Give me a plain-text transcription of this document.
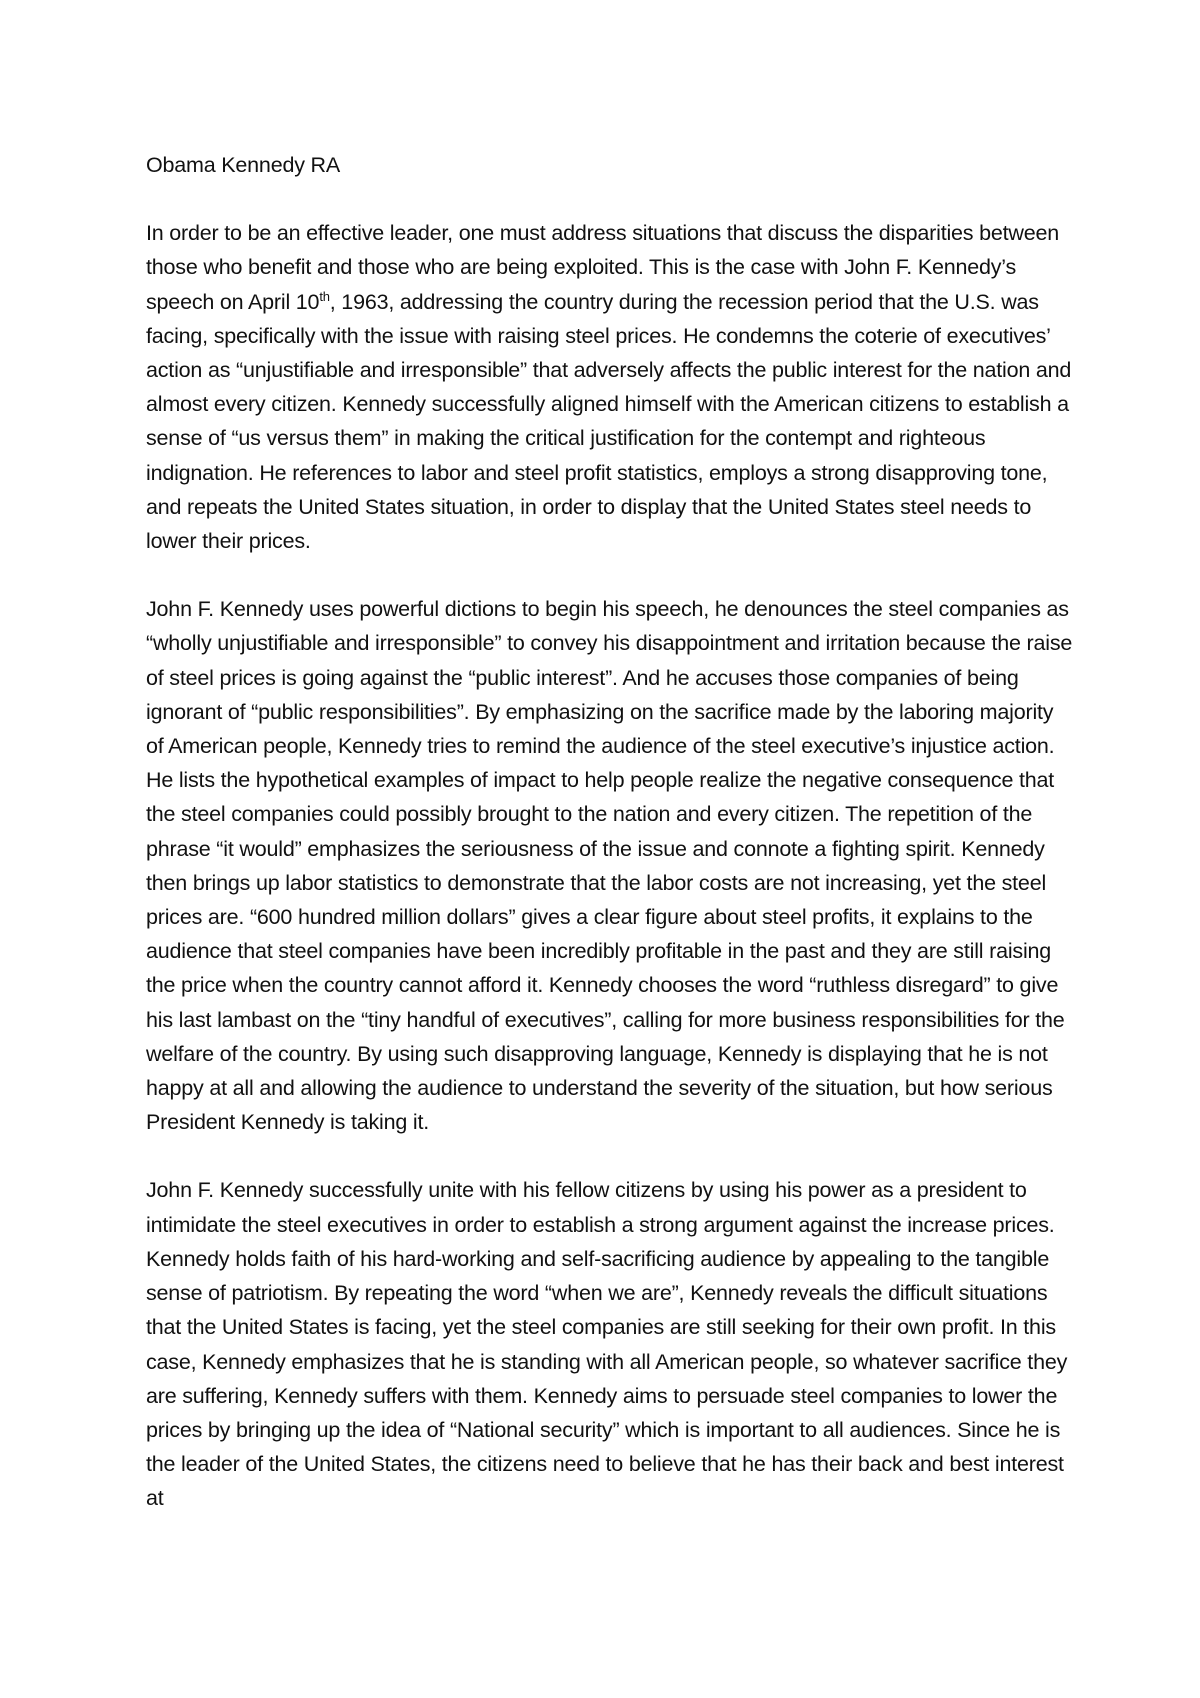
Obama Kennedy RA

In order to be an effective leader, one must address situations that discuss the disparities between those who benefit and those who are being exploited. This is the case with John F. Kennedy’s speech on April 10th, 1963, addressing the country during the recession period that the U.S. was facing, specifically with the issue with raising steel prices. He condemns the coterie of executives’ action as “unjustifiable and irresponsible” that adversely affects the public interest for the nation and almost every citizen. Kennedy successfully aligned himself with the American citizens to establish a sense of “us versus them” in making the critical justification for the contempt and righteous indignation. He references to labor and steel profit statistics, employs a strong disapproving tone, and repeats the United States situation, in order to display that the United States steel needs to lower their prices.

John F. Kennedy uses powerful dictions to begin his speech, he denounces the steel companies as “wholly unjustifiable and irresponsible” to convey his disappointment and irritation because the raise of steel prices is going against the “public interest”. And he accuses those companies of being ignorant of “public responsibilities”. By emphasizing on the sacrifice made by the laboring majority of American people, Kennedy tries to remind the audience of the steel executive’s injustice action. He lists the hypothetical examples of impact to help people realize the negative consequence that the steel companies could possibly brought to the nation and every citizen. The repetition of the phrase “it would” emphasizes the seriousness of the issue and connote a fighting spirit. Kennedy then brings up labor statistics to demonstrate that the labor costs are not increasing, yet the steel prices are. “600 hundred million dollars” gives a clear figure about steel profits, it explains to the audience that steel companies have been incredibly profitable in the past and they are still raising the price when the country cannot afford it. Kennedy chooses the word “ruthless disregard” to give his last lambast on the “tiny handful of executives”, calling for more business responsibilities for the welfare of the country. By using such disapproving language, Kennedy is displaying that he is not happy at all and allowing the audience to understand the severity of the situation, but how serious President Kennedy is taking it.

John F. Kennedy successfully unite with his fellow citizens by using his power as a president to intimidate the steel executives in order to establish a strong argument against the increase prices. Kennedy holds faith of his hard-working and self-sacrificing audience by appealing to the tangible sense of patriotism. By repeating the word “when we are”, Kennedy reveals the difficult situations that the United States is facing, yet the steel companies are still seeking for their own profit. In this case, Kennedy emphasizes that he is standing with all American people, so whatever sacrifice they are suffering, Kennedy suffers with them. Kennedy aims to persuade steel companies to lower the prices by bringing up the idea of “National security” which is important to all audiences. Since he is the leader of the United States, the citizens need to believe that he has their back and best interest at
